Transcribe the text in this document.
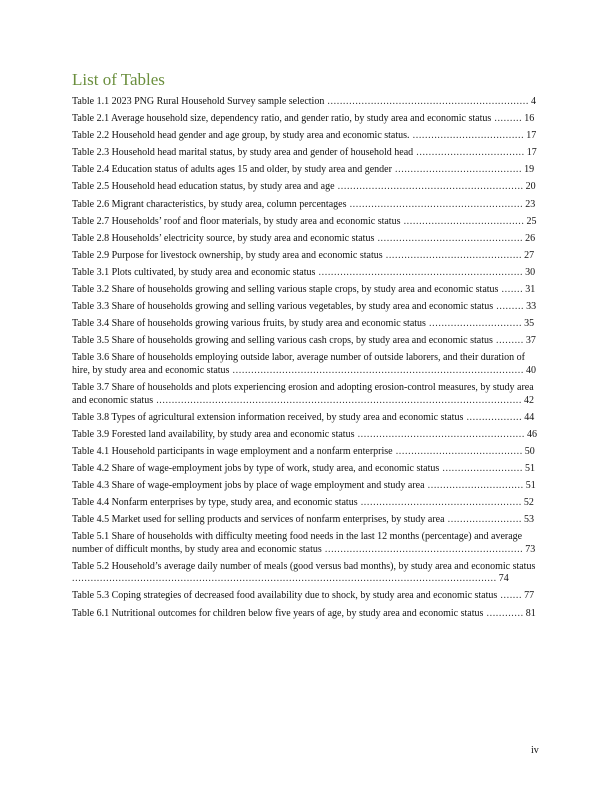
List of Tables
Table 1.1 2023 PNG Rural Household Survey sample selection ................................................................. 4
Table 2.1 Average household size, dependency ratio, and gender ratio, by study area and economic status ......... 16
Table 2.2 Household head gender and age group, by study area and economic status. .................................... 17
Table 2.3 Household head marital status, by study area and gender of household head ................................... 17
Table 2.4 Education status of adults ages 15 and older, by study area and gender ......................................... 19
Table 2.5 Household head education status, by study area and age ............................................................ 20
Table 2.6 Migrant characteristics, by study area, column percentages ........................................................ 23
Table 2.7 Households’ roof and floor materials, by study area and economic status ....................................... 25
Table 2.8 Households’ electricity source, by study area and economic status ............................................... 26
Table 2.9 Purpose for livestock ownership, by study area and economic status ............................................ 27
Table 3.1 Plots cultivated, by study area and economic status .................................................................. 30
Table 3.2 Share of households growing and selling various staple crops, by study area and economic status ....... 31
Table 3.3 Share of households growing and selling various vegetables, by study area and economic status ......... 33
Table 3.4 Share of households growing various fruits, by study area and economic status .............................. 35
Table 3.5 Share of households growing and selling various cash crops, by study area and economic status ......... 37
Table 3.6 Share of households employing outside labor, average number of outside laborers, and their duration of hire, by study area and economic status .............................................................................................. 40
Table 3.7 Share of households and plots experiencing erosion and adopting erosion-control measures, by study area and economic status ...................................................................................................................... 42
Table 3.8 Types of agricultural extension information received, by study area and economic status .................. 44
Table 3.9 Forested land availability, by study area and economic status ...................................................... 46
Table 4.1 Household participants in wage employment and a nonfarm enterprise ......................................... 50
Table 4.2 Share of wage-employment jobs by type of work, study area, and economic status .......................... 51
Table 4.3 Share of wage-employment jobs by place of wage employment and study area ............................... 51
Table 4.4 Nonfarm enterprises by type, study area, and economic status .................................................... 52
Table 4.5 Market used for selling products and services of nonfarm enterprises, by study area ........................ 53
Table 5.1 Share of households with difficulty meeting food needs in the last 12 months (percentage) and average number of difficult months, by study area and economic status ................................................................ 73
Table 5.2 Household’s average daily number of meals (good versus bad months), by study area and economic status ......................................................................................................................................... 74
Table 5.3 Coping strategies of decreased food availability due to shock, by study area and economic status ....... 77
Table 6.1 Nutritional outcomes for children below five years of age, by study area and economic status ............ 81
iv
